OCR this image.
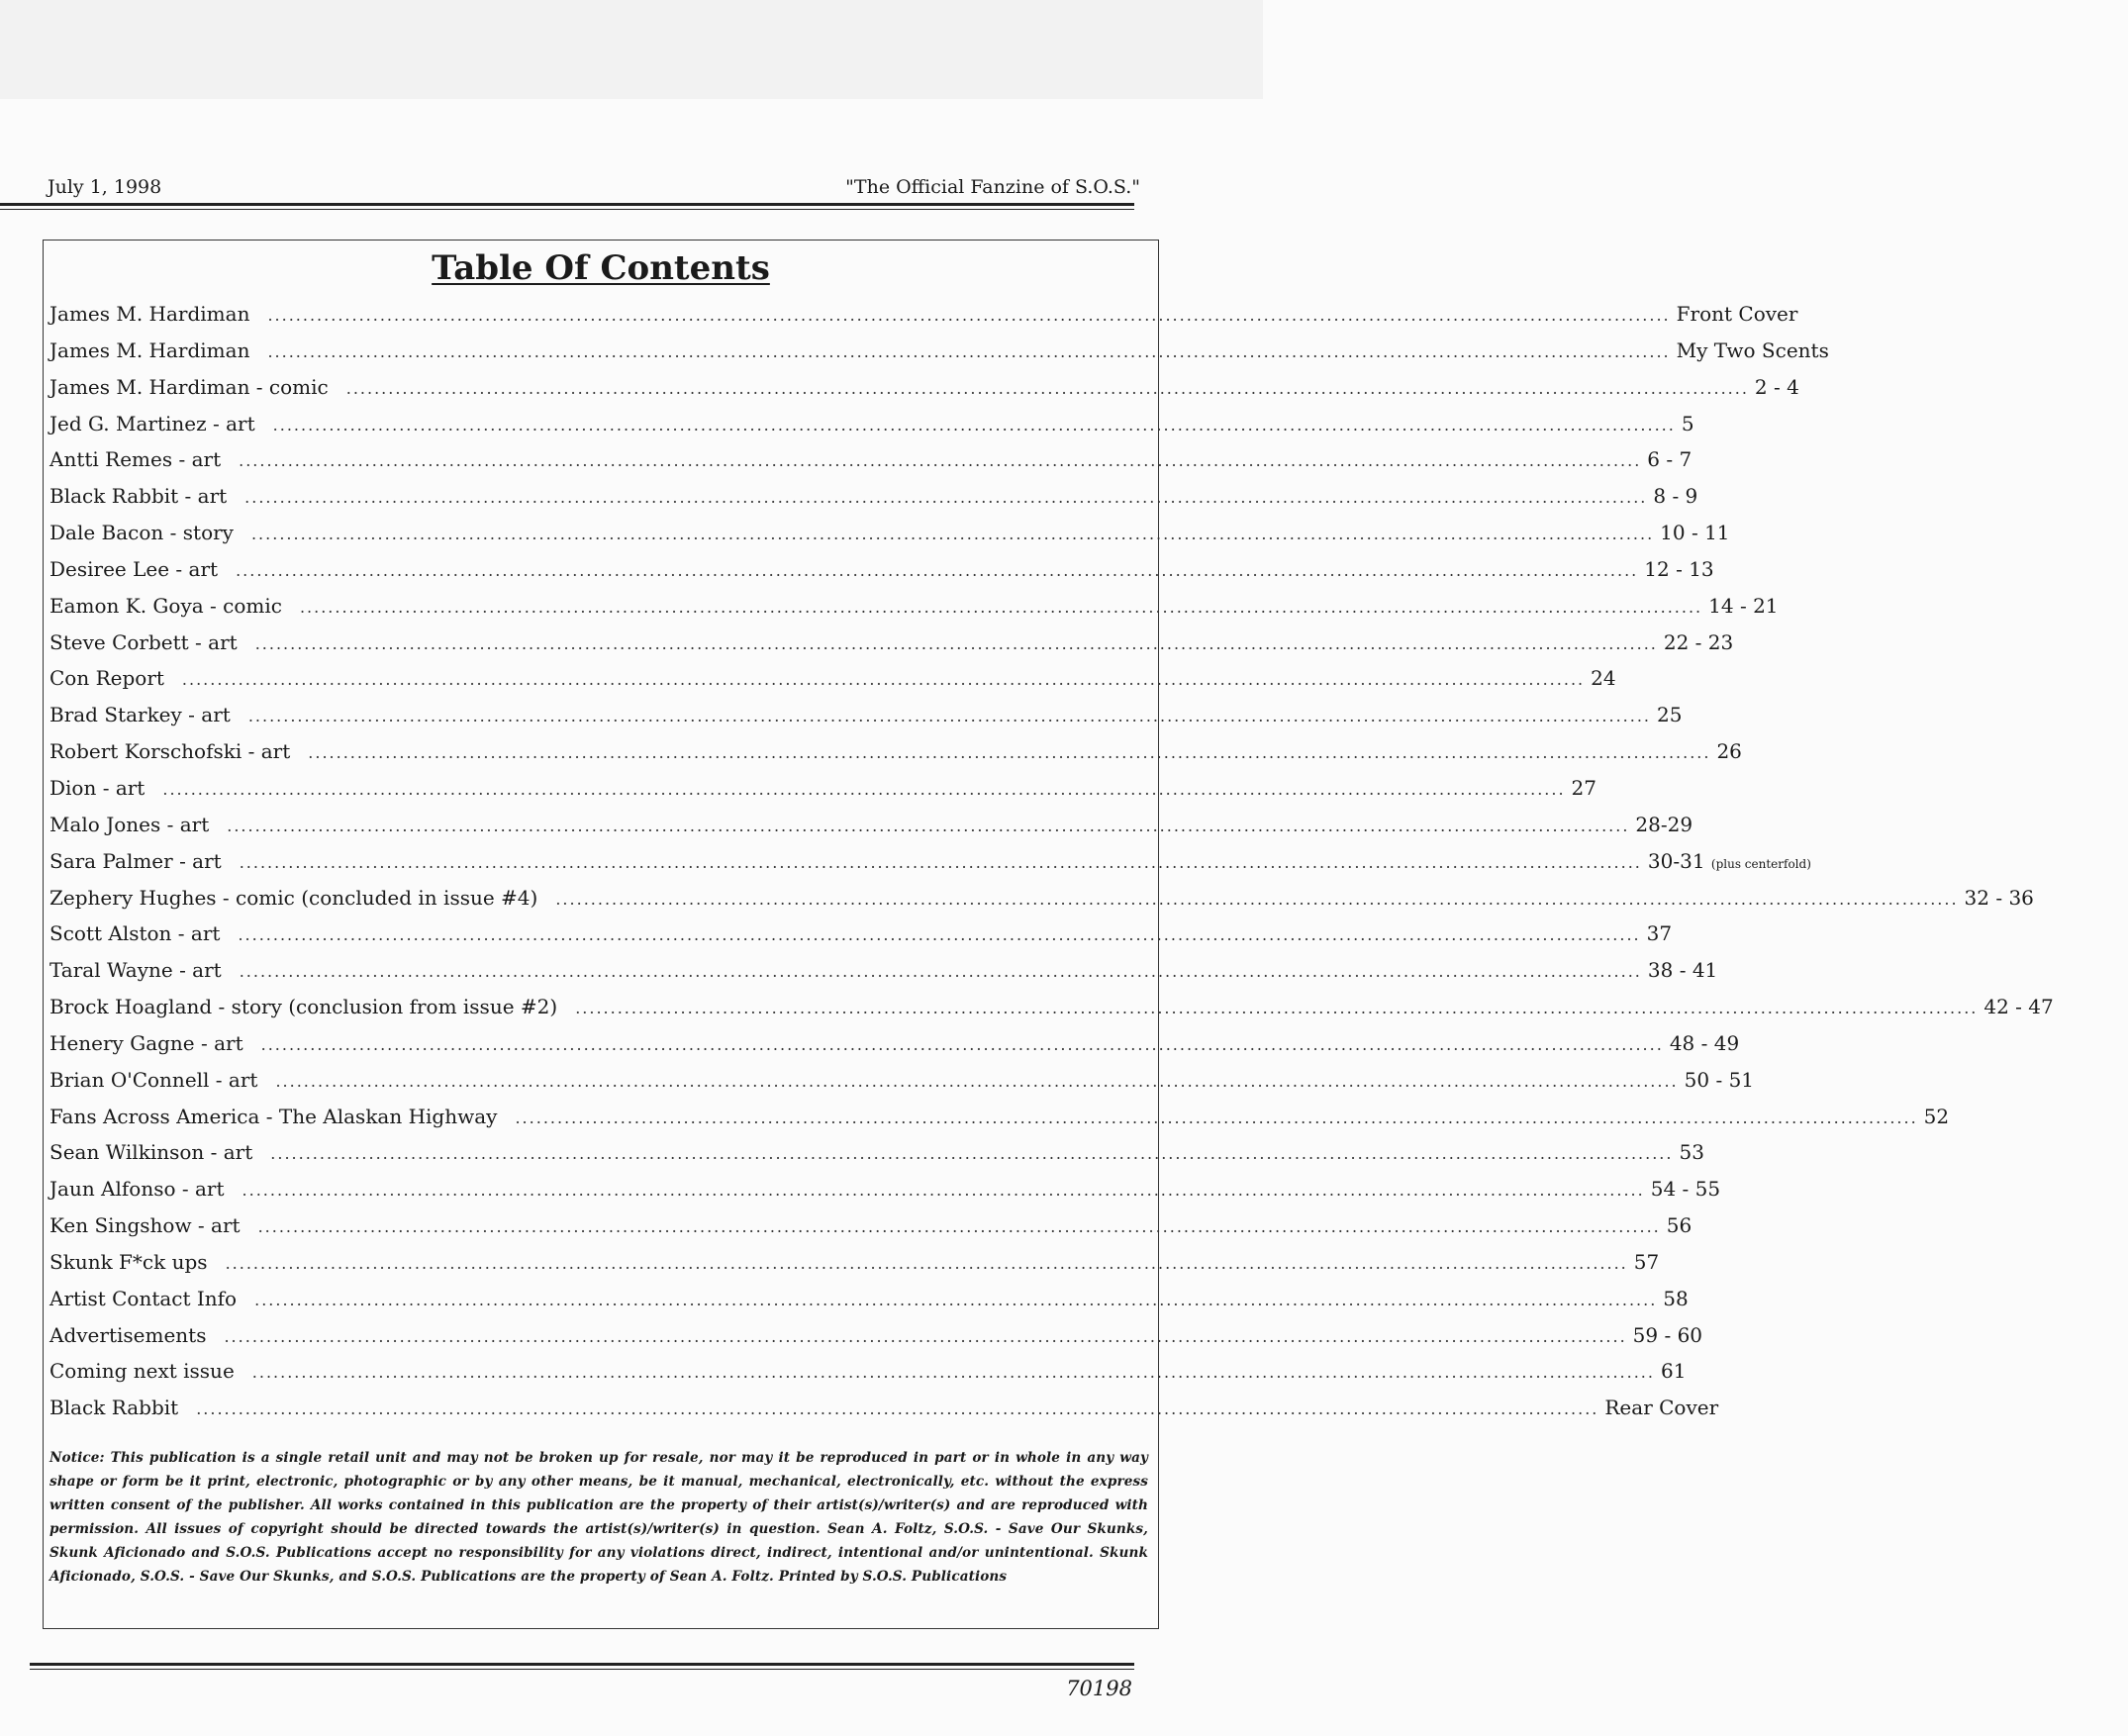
July 1, 1998	"The Official Fanzine of S.O.S."
Table Of Contents
James M. Hardiman ........................................................................................................................................................................................................ Front Cover
James M. Hardiman ........................................................................................................................................................................................................ My Two Scents
James M. Hardiman - comic ........................................................................................................................................................................................................ 2 - 4
Jed G. Martinez - art ........................................................................................................................................................................................................ 5
Antti Remes - art ........................................................................................................................................................................................................ 6 - 7
Black Rabbit - art ........................................................................................................................................................................................................ 8 - 9
Dale Bacon - story ........................................................................................................................................................................................................ 10 - 11
Desiree Lee - art ........................................................................................................................................................................................................ 12 - 13
Eamon K. Goya - comic ........................................................................................................................................................................................................ 14 - 21
Steve Corbett - art ........................................................................................................................................................................................................ 22 - 23
Con Report ........................................................................................................................................................................................................ 24
Brad Starkey - art ........................................................................................................................................................................................................ 25
Robert Korschofski - art ........................................................................................................................................................................................................ 26
Dion - art ........................................................................................................................................................................................................ 27
Malo Jones - art ........................................................................................................................................................................................................ 28-29
Sara Palmer - art ........................................................................................................................................................................................................ 30-31 (plus centerfold)
Zephery Hughes - comic (concluded in issue #4) ........................................................................................................................................................................................................ 32 - 36
Scott Alston - art ........................................................................................................................................................................................................ 37
Taral Wayne - art ........................................................................................................................................................................................................ 38 - 41
Brock Hoagland - story (conclusion from issue #2) ........................................................................................................................................................................................................ 42 - 47
Henery Gagne - art ........................................................................................................................................................................................................ 48 - 49
Brian O'Connell - art ........................................................................................................................................................................................................ 50 - 51
Fans Across America - The Alaskan Highway ........................................................................................................................................................................................................ 52
Sean Wilkinson - art ........................................................................................................................................................................................................ 53
Jaun Alfonso - art ........................................................................................................................................................................................................ 54 - 55
Ken Singshow - art ........................................................................................................................................................................................................ 56
Skunk F*ck ups ........................................................................................................................................................................................................ 57
Artist Contact Info ........................................................................................................................................................................................................ 58
Advertisements ........................................................................................................................................................................................................ 59 - 60
Coming next issue ........................................................................................................................................................................................................ 61
Black Rabbit ........................................................................................................................................................................................................ Rear Cover
Notice: This publication is a single retail unit and may not be broken up for resale, nor may it be reproduced in part or in whole in any way shape or form be it print, electronic, photographic or by any other means, be it manual, mechanical, electronically, etc. without the express written consent of the publisher. All works contained in this publication are the property of their artist(s)/writer(s) and are reproduced with permission. All issues of copyright should be directed towards the artist(s)/writer(s) in question. Sean A. Foltz, S.O.S. - Save Our Skunks, Skunk Aficionado and S.O.S. Publications accept no responsibility for any violations direct, indirect, intentional and/or unintentional. Skunk Aficionado, S.O.S. - Save Our Skunks, and S.O.S. Publications are the property of Sean A. Foltz. Printed by S.O.S. Publications
70198
